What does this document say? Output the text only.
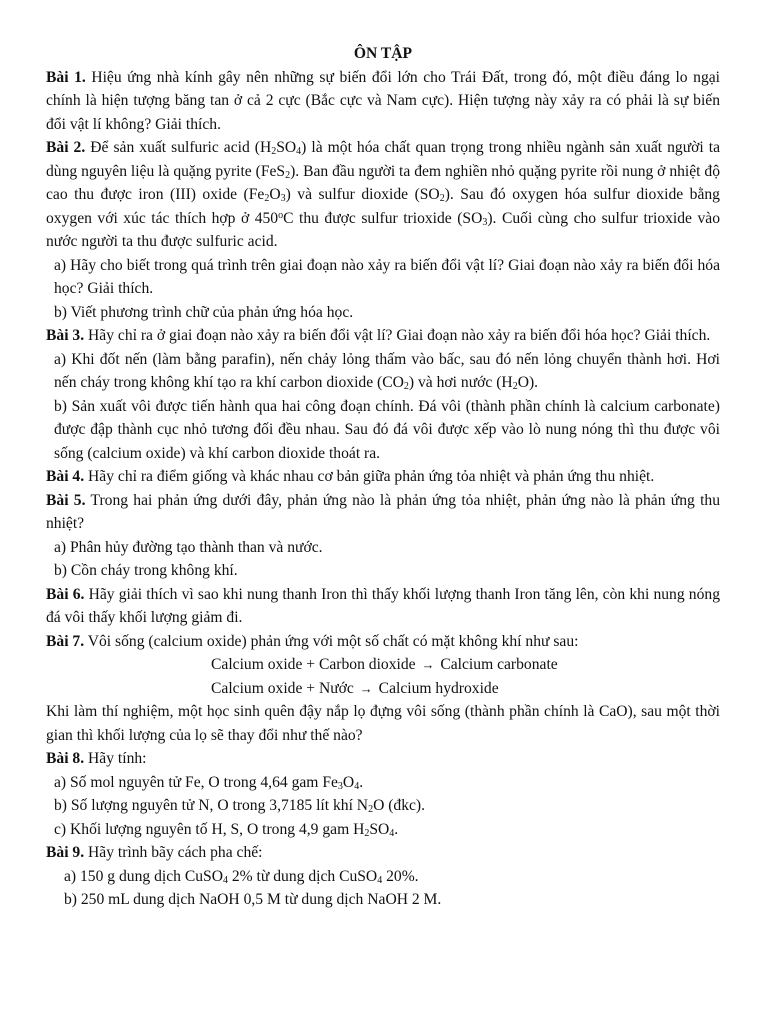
ÔN TẬP

Bài 1. Hiệu ứng nhà kính gây nên những sự biến đổi lớn cho Trái Đất, trong đó, một điều đáng lo ngại chính là hiện tượng băng tan ở cả 2 cực (Bắc cực và Nam cực). Hiện tượng này xảy ra có phải là sự biến đổi vật lí không? Giải thích.

Bài 2. Để sản xuất sulfuric acid $(H_2SO_4)$ là một hóa chất quan trọng trong nhiều ngành sản xuất người ta dùng nguyên liệu là quặng pyrite (FeS$_2$). Ban đầu người ta đem nghiền nhỏ quặng pyrite rồi nung ở nhiệt độ cao thu được iron (III) oxide $(Fe_2O_3)$ và sulfur dioxide $(SO_2)$. Sau đó oxygen hóa sulfur dioxide bằng oxygen với xúc tác thích hợp ở 450$^o$C thu được sulfur trioxide $(SO_3)$. Cuối cùng cho sulfur trioxide vào nước người ta thu được sulfuric acid.

a) Hãy cho biết trong quá trình trên giai đoạn nào xảy ra biến đổi vật lí? Giai đoạn nào xảy ra biến đổi hóa học? Giải thích.

b) Viết phương trình chữ của phản ứng hóa học.

Bài 3. Hãy chỉ ra ở giai đoạn nào xảy ra biến đổi vật lí? Giai đoạn nào xảy ra biến đổi hóa học? Giải thích.

a) Khi đốt nến (làm bằng parafin), nến chảy lỏng thấm vào bấc, sau đó nến lỏng chuyển thành hơi. Hơi nến cháy trong không khí tạo ra khí carbon dioxide $(CO_2)$ và hơi nước $(H_2O)$.

b) Sản xuất vôi được tiến hành qua hai công đoạn chính. Đá vôi (thành phần chính là calcium carbonate) được đập thành cục nhỏ tương đối đều nhau. Sau đó đá vôi được xếp vào lò nung nóng thì thu được vôi sống (calcium oxide) và khí carbon dioxide thoát ra.

Bài 4. Hãy chỉ ra điểm giống và khác nhau cơ bản giữa phản ứng tỏa nhiệt và phản ứng thu nhiệt.

Bài 5. Trong hai phản ứng dưới đây, phản ứng nào là phản ứng tỏa nhiệt, phản ứng nào là phản ứng thu nhiệt?

a) Phân hủy đường tạo thành than và nước.

b) Cồn cháy trong không khí.

Bài 6. Hãy giải thích vì sao khi nung thanh Iron thì thấy khối lượng thanh Iron tăng lên, còn khi nung nóng đá vôi thấy khối lượng giảm đi.

Bài 7. Vôi sống (calcium oxide) phản ứng với một số chất có mặt không khí như sau:

Calcium oxide + Carbon dioxide → Calcium carbonate

Calcium oxide + Nước → Calcium hydroxide

Khi làm thí nghiệm, một học sinh quên đậy nắp lọ đựng vôi sống (thành phần chính là CaO), sau một thời gian thì khối lượng của lọ sẽ thay đổi như thế nào?

Bài 8. Hãy tính:

a) Số mol nguyên tử Fe, O trong 4,64 gam $Fe_3O_4$.

b) Số lượng nguyên tử N, O trong 3,7185 lít khí $N_2O$ (đkc).

c) Khối lượng nguyên tố H, S, O trong 4,9 gam $H_2SO_4$.

Bài 9. Hãy trình bãy cách pha chế:

a) 150 g dung dịch CuSO$_4$ 2% từ dung dịch CuSO$_4$ 20%.

b) 250 mL dung dịch NaOH 0,5 M từ dung dịch NaOH 2 M.
